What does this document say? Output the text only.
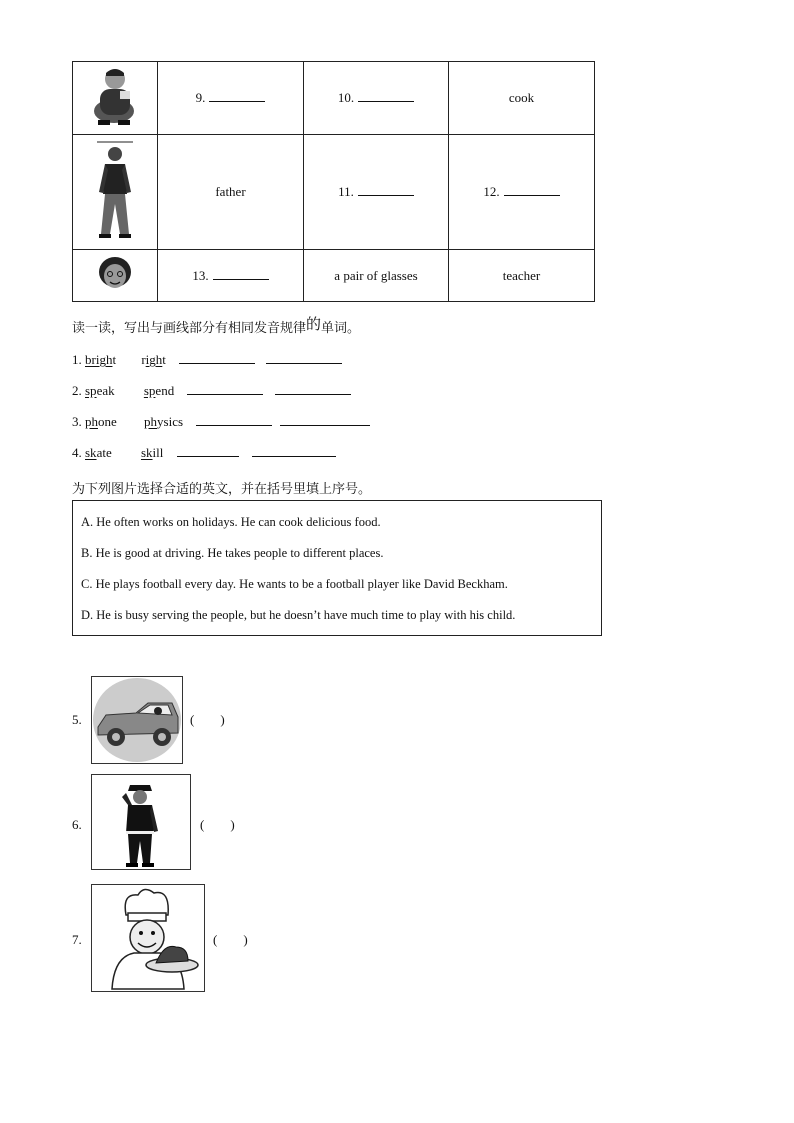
	9.	10.	cook
	father	11.	12.
	13.	a pair of glasses	teacher
读一读，写出与画线部分有相同发音规律的单词。
1. bright right
2. speak spend
3. phone physics
4. skate skill
为下列图片选择合适的英文，并在括号里填上序号。
A. He often works on holidays. He can cook delicious food.
B. He is good at driving. He takes people to different places.
C. He plays football every day. He wants to be a football player like David Beckham.
D. He is busy serving the people, but he doesn’t have much time to play with his child.
5.	(        )
6.	(        )
7.	(        )
